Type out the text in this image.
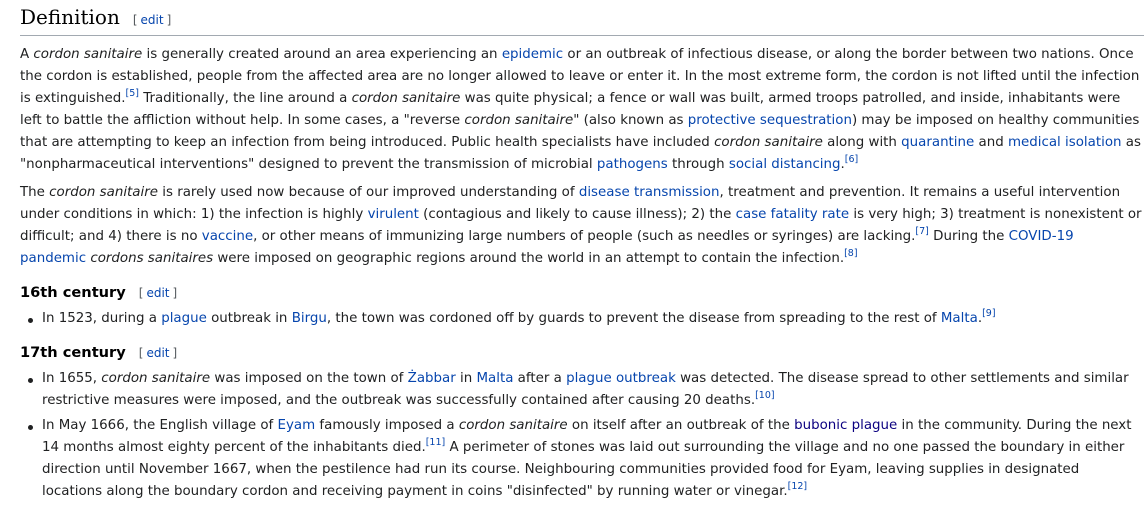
Definition [ edit ]

A cordon sanitaire is generally created around an area experiencing an epidemic or an outbreak of infectious disease, or along the border between two nations. Once the cordon is established, people from the affected area are no longer allowed to leave or enter it. In the most extreme form, the cordon is not lifted until the infection is extinguished.[5] Traditionally, the line around a cordon sanitaire was quite physical; a fence or wall was built, armed troops patrolled, and inside, inhabitants were left to battle the affliction without help. In some cases, a "reverse cordon sanitaire" (also known as protective sequestration) may be imposed on healthy communities that are attempting to keep an infection from being introduced. Public health specialists have included cordon sanitaire along with quarantine and medical isolation as "nonpharmaceutical interventions" designed to prevent the transmission of microbial pathogens through social distancing.[6]

The cordon sanitaire is rarely used now because of our improved understanding of disease transmission, treatment and prevention. It remains a useful intervention under conditions in which: 1) the infection is highly virulent (contagious and likely to cause illness); 2) the case fatality rate is very high; 3) treatment is nonexistent or difficult; and 4) there is no vaccine, or other means of immunizing large numbers of people (such as needles or syringes) are lacking.[7] During the COVID-19 pandemic cordons sanitaires were imposed on geographic regions around the world in an attempt to contain the infection.[8]

16th century [ edit ]
In 1523, during a plague outbreak in Birgu, the town was cordoned off by guards to prevent the disease from spreading to the rest of Malta.[9]
17th century [ edit ]
In 1655, cordon sanitaire was imposed on the town of Żabbar in Malta after a plague outbreak was detected. The disease spread to other settlements and similar restrictive measures were imposed, and the outbreak was successfully contained after causing 20 deaths.[10]
In May 1666, the English village of Eyam famously imposed a cordon sanitaire on itself after an outbreak of the bubonic plague in the community. During the next 14 months almost eighty percent of the inhabitants died.[11] A perimeter of stones was laid out surrounding the village and no one passed the boundary in either direction until November 1667, when the pestilence had run its course. Neighbouring communities provided food for Eyam, leaving supplies in designated locations along the boundary cordon and receiving payment in coins "disinfected" by running water or vinegar.[12]
